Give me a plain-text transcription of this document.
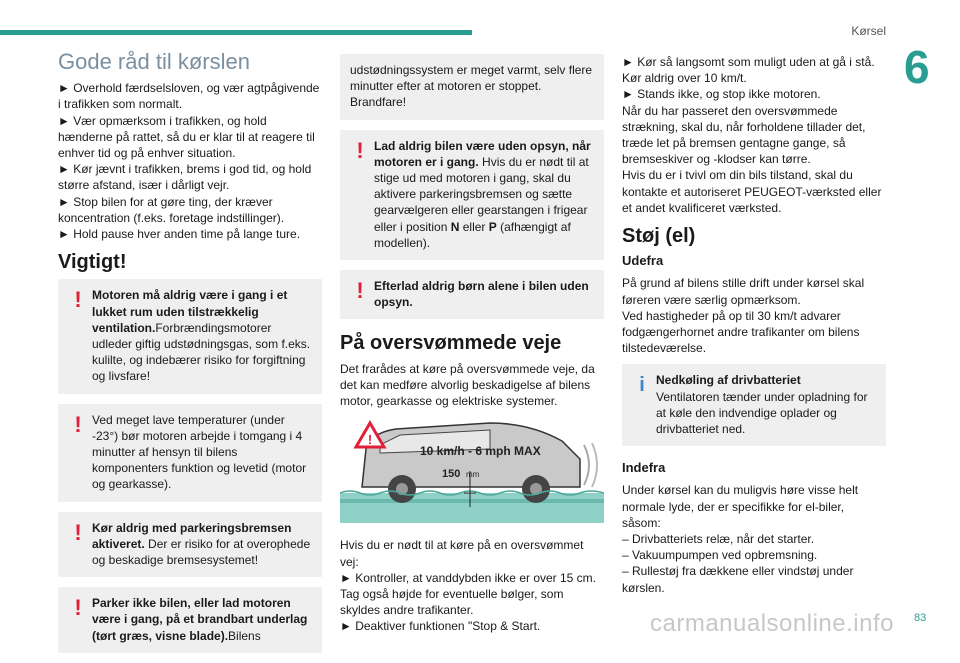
Kørsel
6
Gode råd til kørslen

► Overhold færdselsloven, og vær agtpågivende i trafikken som normalt.

► Vær opmærksom i trafikken, og hold hænderne på rattet, så du er klar til at reagere til enhver tid og på enhver situation.

► Kør jævnt i trafikken, brems i god tid, og hold større afstand, især i dårligt vejr.

► Stop bilen for at gøre ting, der kræver koncentration (f.eks. foretage indstillinger).

► Hold pause hver anden time på lange ture.

Vigtigt!
! Motoren må aldrig være i gang i et lukket rum uden tilstrækkelig ventilation.Forbrændingsmotorer udleder giftig udstødningsgas, som f.eks. kulilte, og indebærer risiko for forgiftning og livsfare!

! Ved meget lave temperaturer (under -23°) bør motoren arbejde i tomgang i 4 minutter af hensyn til bilens komponenters funktion og levetid (motor og gearkasse).

! Kør aldrig med parkeringsbremsen aktiveret. Der er risiko for at overophede og beskadige bremsesystemet!

! Parker ikke bilen, eller lad motoren være i gang, på et brandbart underlag (tørt græs, visne blade).Bilens

udstødningssystem er meget varmt, selv flere minutter efter at motoren er stoppet. Brandfare!

! Lad aldrig bilen være uden opsyn, når motoren er i gang. Hvis du er nødt til at stige ud med motoren i gang, skal du aktivere parkeringsbremsen og sætte gearvælgeren eller gearstangen i frigear eller i position N eller P (afhængigt af modellen).

! Efterlad aldrig børn alene i bilen uden opsyn.

På oversvømmede veje

Det frarådes at køre på oversvømmede veje, da det kan medføre alvorlig beskadigelse af bilens motor, gearkasse og elektriske systemer.

!
10 km/h - 6 mph MAX
150 mm

Hvis du er nødt til at køre på en oversvømmet vej:

► Kontroller, at vanddybden ikke er over 15 cm. Tag også højde for eventuelle bølger, som skyldes andre trafikanter.

► Deaktiver funktionen "Stop & Start.

► Kør så langsomt som muligt uden at gå i stå. Kør aldrig over 10 km/t.

► Stands ikke, og stop ikke motoren.

Når du har passeret den oversvømmede strækning, skal du, når forholdene tillader det, træde let på bremsen gentagne gange, så bremseskiver og -klodser kan tørre.

Hvis du er i tvivl om din bils tilstand, skal du kontakte et autoriseret PEUGEOT-værksted eller et andet kvalificeret værksted.

Støj (el)
Udefra

På grund af bilens stille drift under kørsel skal føreren være særlig opmærksom.

Ved hastigheder på op til 30 km/t advarer fodgængerhornet andre trafikanter om bilens tilstedeværelse.

i Nedkøling af drivbatteriet
Ventilatoren tænder under opladning for at køle den indvendige oplader og drivbatteriet ned.

Indefra

Under kørsel kan du muligvis høre visse helt normale lyde, der er specifikke for el-biler, såsom:

– Drivbatteriets relæ, når det starter.

– Vakuumpumpen ved opbremsning.

– Rullestøj fra dækkene eller vindstøj under kørslen.

carmanualsonline.info 83
